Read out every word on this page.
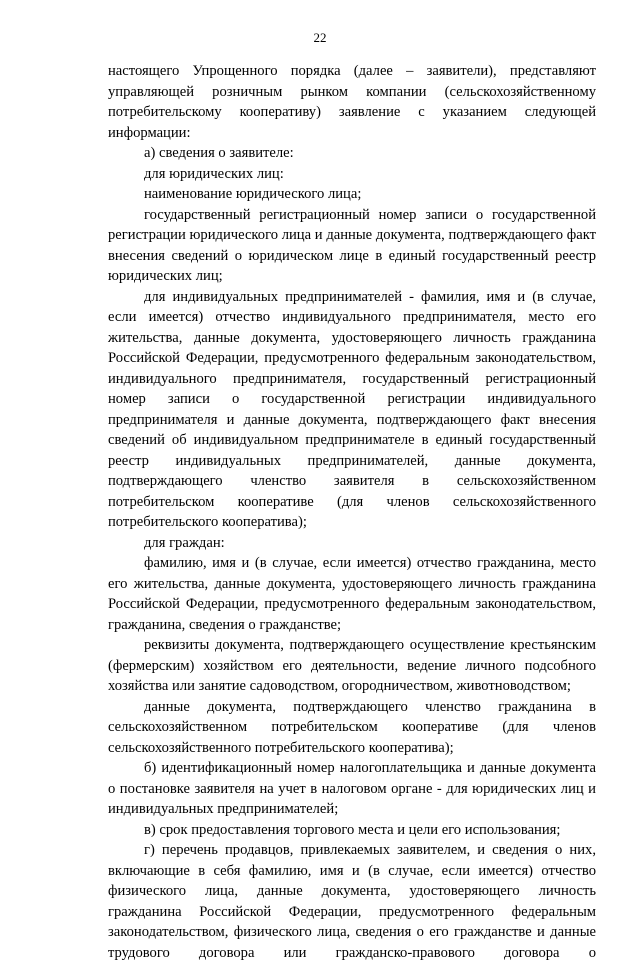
22

настоящего Упрощенного порядка (далее – заявители), представляют управляющей розничным рынком компании (сельскохозяйственному потребительскому кооперативу) заявление с указанием следующей информации:

а) сведения о заявителе:

для юридических лиц:

наименование юридического лица;

государственный регистрационный номер записи о государственной регистрации юридического лица и данные документа, подтверждающего факт внесения сведений о юридическом лице в единый государственный реестр юридических лиц;

для индивидуальных предпринимателей - фамилия, имя и (в случае, если имеется) отчество индивидуального предпринимателя, место его жительства, данные документа, удостоверяющего личность гражданина Российской Федерации, предусмотренного федеральным законодательством, индивидуального предпринимателя, государственный регистрационный номер записи о государственной регистрации индивидуального предпринимателя и данные документа, подтверждающего факт внесения сведений об индивидуальном предпринимателе в единый государственный реестр индивидуальных предпринимателей, данные документа, подтверждающего членство заявителя в сельскохозяйственном потребительском кооперативе (для членов сельскохозяйственного потребительского кооператива);

для граждан:

фамилию, имя и (в случае, если имеется) отчество гражданина, место его жительства, данные документа, удостоверяющего личность гражданина Российской Федерации, предусмотренного федеральным законодательством, гражданина, сведения о гражданстве;

реквизиты документа, подтверждающего осуществление крестьянским (фермерским) хозяйством его деятельности, ведение личного подсобного хозяйства или занятие садоводством, огородничеством, животноводством;

данные документа, подтверждающего членство гражданина в сельскохозяйственном потребительском кооперативе (для членов сельскохозяйственного потребительского кооператива);

б) идентификационный номер налогоплательщика и данные документа о постановке заявителя на учет в налоговом органе - для юридических лиц и индивидуальных предпринимателей;

в) срок предоставления торгового места и цели его использования;

г) перечень продавцов, привлекаемых заявителем, и сведения о них, включающие в себя фамилию, имя и (в случае, если имеется) отчество физического лица, данные документа, удостоверяющего личность гражданина Российской Федерации, предусмотренного федеральным законодательством, физического лица, сведения о его гражданстве и данные трудового договора или гражданско-правового договора о
